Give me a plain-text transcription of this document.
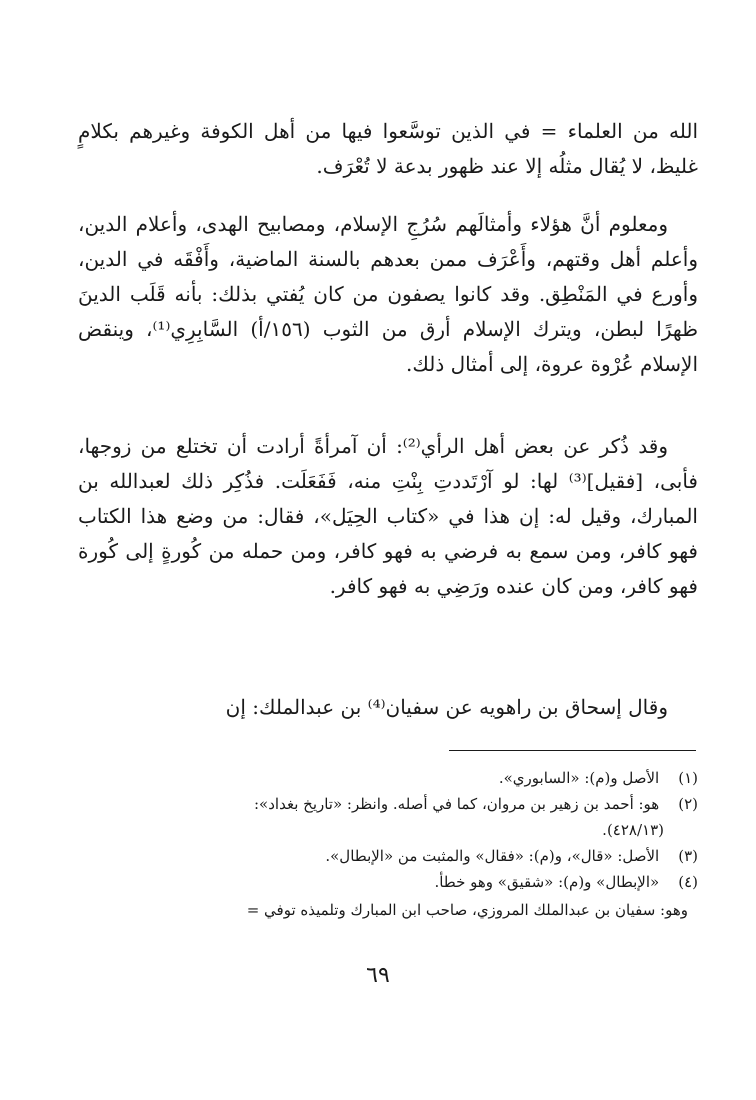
الله من العلماء = في الذين توسَّعوا فيها من أهل الكوفة وغيرهم بكلامٍ غليظ، لا يُقال مثلُه إلا عند ظهور بدعة لا تُعْرَف.

ومعلوم أنَّ هؤلاء وأمثالَهم سُرُجِ الإسلام، ومصابيح الهدى، وأعلام الدين، وأعلم أهل وقتهم، وأَعْرَف ممن بعدهم بالسنة الماضية، وأَفْقَه في الدين، وأورع في المَنْطِق. وقد كانوا يصفون من كان يُفتي بذلك: بأنه قَلَب الدينَ ظهرًا لبطن، ويترك الإسلام أرق من الثوب (١٥٦/أ) السَّابِرِي⁽¹⁾، وينقض الإسلام عُرْوة عروة، إلى أمثال ذلك.

وقد ذُكر عن بعض أهل الرأي⁽²⁾: أن آمرأةً أرادت أن تختلع من زوجها، فأبى، [فقيل]⁽³⁾ لها: لو آرْتَددتِ بِنْتِ منه، فَفَعَلَت. فذُكِر ذلك لعبدالله بن المبارك، وقيل له: إن هذا في «كتاب الحِيَل»، فقال: من وضع هذا الكتاب فهو كافر، ومن سمع به فرضي به فهو كافر، ومن حمله من كُورةٍ إلى كُورة فهو كافر، ومن كان عنده ورَضِي به فهو كافر.

وقال إسحاق بن راهويه عن سفيان⁽⁴⁾ بن عبدالملك: إن

(١) الأصل و(م): «السابوري».

(٢) هو: أحمد بن زهير بن مروان، كما في أصله. وانظر: «تاريخ بغداد»:

(٤٢٨/١٣).

(٣) الأصل: «قال»، و(م): «فقال» والمثبت من «الإبطال».

(٤) «الإبطال» و(م): «شقيق» وهو خطأ.

وهو: سفيان بن عبدالملك المروزي، صاحب ابن المبارك وتلميذه توفي =

٦٩
